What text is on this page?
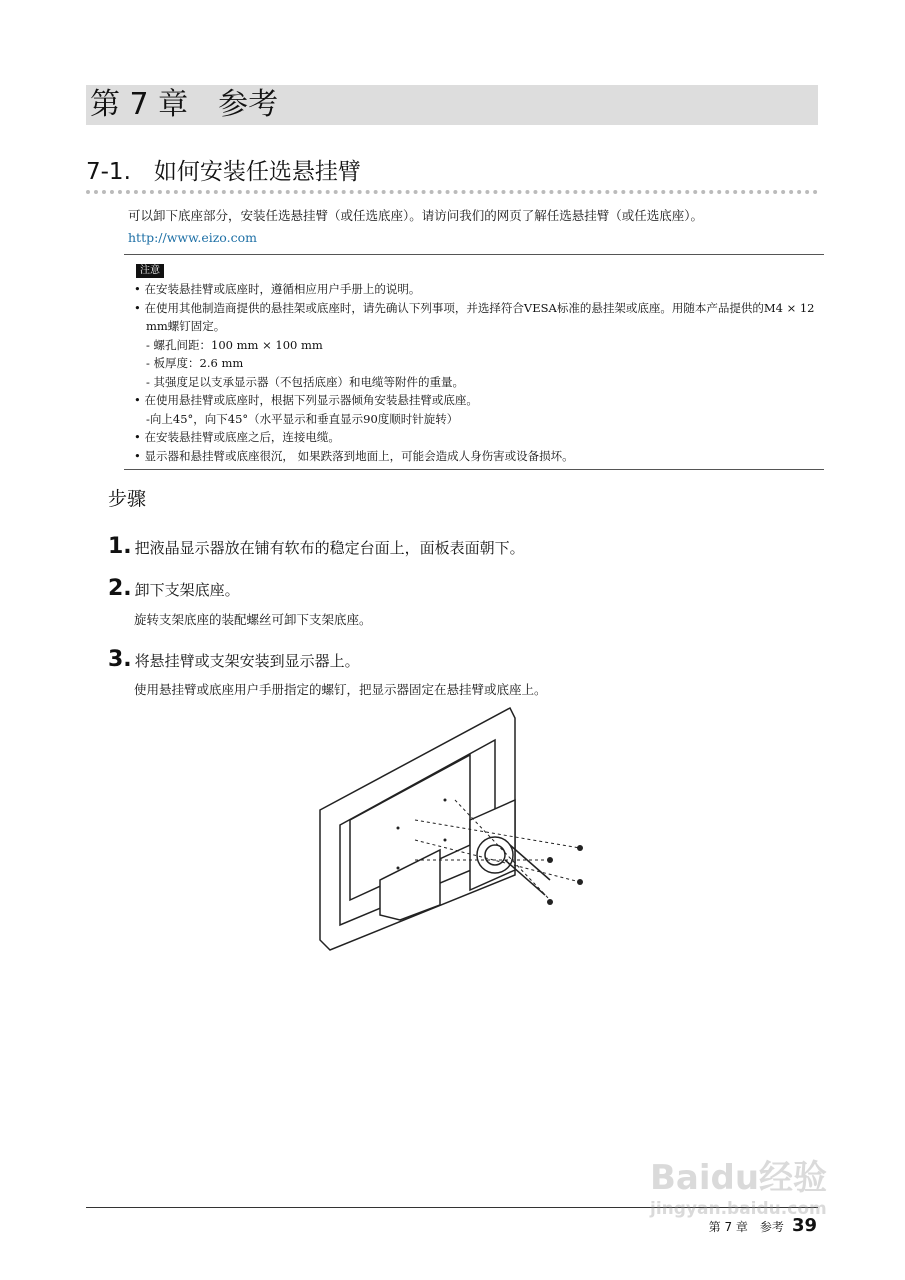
第 7 章　参考
7-1.　如何安装任选悬挂臂
可以卸下底座部分，安装任选悬挂臂（或任选底座）。请访问我们的网页了解任选悬挂臂（或任选底座）。
http://www.eizo.com
注意

• 在安装悬挂臂或底座时，遵循相应用户手册上的说明。

• 在使用其他制造商提供的悬挂架或底座时，请先确认下列事项，并选择符合VESA标准的悬挂架或底座。用随本产品提供的M4 × 12 mm螺钉固定。

- 螺孔间距：100 mm × 100 mm

- 板厚度：2.6 mm

- 其强度足以支承显示器（不包括底座）和电缆等附件的重量。

• 在使用悬挂臂或底座时，根据下列显示器倾角安装悬挂臂或底座。

-向上45°，向下45°（水平显示和垂直显示90度顺时针旋转）

• 在安装悬挂臂或底座之后，连接电缆。

• 显示器和悬挂臂或底座很沉， 如果跌落到地面上，可能会造成人身伤害或设备损坏。

步骤
1. 把液晶显示器放在铺有软布的稳定台面上，面板表面朝下。
2. 卸下支架底座。
旋转支架底座的装配螺丝可卸下支架底座。
3. 将悬挂臂或支架安装到显示器上。
使用悬挂臂或底座用户手册指定的螺钉，把显示器固定在悬挂臂或底座上。
第 7 章　参考 39
Baidu经验
jingyan.baidu.com
